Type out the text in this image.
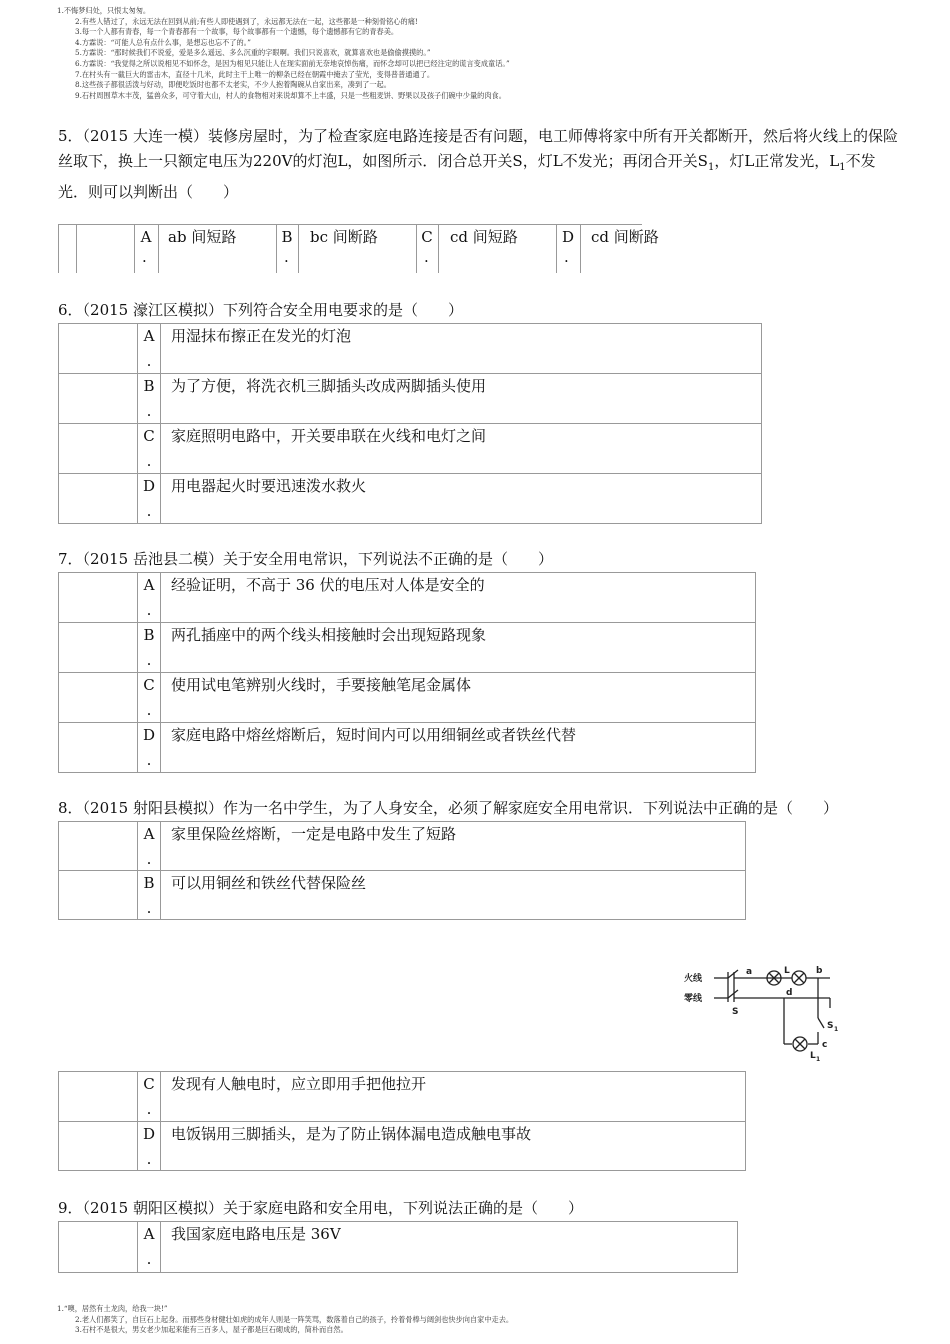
1.不悔梦归处，只恨太匆匆。
2.有些人错过了，永远无法在回到从前;有些人即使遇到了，永远都无法在一起，这些都是一种刻骨铭心的痛!
3.每一个人都有青春，每一个青春都有一个故事，每个故事都有一个遗憾，每个遗憾都有它的青春美。
4.方霖说：“可能人总有点什么事，是想忘也忘不了的。”
5.方霖说：“那时候我们不说爱，爱是多么遥远、多么沉重的字眼啊。我们只说喜欢，就算喜欢也是偷偷摸摸的。”
6.方霖说：“我觉得之所以说相见不如怀念，是因为相见只能让人在现实面前无奈地哀悼伤痛，而怀念却可以把已经注定的谎言变成童话。”
7.在村头有一截巨大的雷击木，直径十几米，此时主干上唯一的柳条已经在朝霞中掩去了莹光，变得普普通通了。
8.这些孩子都很活泼与好动，即便吃饭时也都不太老实，不少人抱着陶碗从自家出来，凑到了一起。
9.石村周围草木丰茂，猛兽众多，可守着大山，村人的食物相对来说却算不上丰盛，只是一些粗麦饼、野果以及孩子们碗中少量的肉食。
5．（2015 大连一模）装修房屋时，为了检查家庭电路连接是否有问题，电工师傅将家中所有开关都断开，然后将火线上的保险丝取下，换上一只额定电压为220V的灯泡L，如图所示．闭合总开关S，灯L不发光；再闭合开关$S_1$，灯L正常发光，$L_1$不发光．则可以判断出（　　）
A
.
ab 间短路	B
.
bc 间断路	C
.
cd 间短路	D
.
cd 间断路
6．（2015 濠江区模拟）下列符合安全用电要求的是（　　）
A
.
用湿抹布擦正在发光的灯泡
B
.
为了方便，将洗衣机三脚插头改成两脚插头使用
C
.
家庭照明电路中，开关要串联在火线和电灯之间
D
.
用电器起火时要迅速泼水救火
7．（2015 岳池县二模）关于安全用电常识，下列说法不正确的是（　　）
A
.
经验证明，不高于 36 伏的电压对人体是安全的
B
.
两孔插座中的两个线头相接触时会出现短路现象
C
.
使用试电笔辨别火线时，手要接触笔尾金属体
D
.
家庭电路中熔丝熔断后，短时间内可以用细铜丝或者铁丝代替
8．（2015 射阳县模拟）作为一名中学生，为了人身安全，必须了解家庭安全用电常识．下列说法中正确的是（　　）
A
.
家里保险丝熔断，一定是电路中发生了短路
B
.
可以用铜丝和铁丝代替保险丝
火线
零线
a	L	b
d
S
S 1
c
L 1
C
.
发现有人触电时，应立即用手把他拉开
D
.
电饭锅用三脚插头，是为了防止锅体漏电造成触电事故
9．（2015 朝阳区模拟）关于家庭电路和安全用电，下列说法正确的是（　　）
A
.
我国家庭电路电压是 36V
1.“噢，居然有土龙肉，给我一块!”
2.老人们都笑了，自巨石上起身。而那些身材健壮如虎的成年人则是一阵笑骂，数落着自己的孩子，拎着骨棒与阔剑也快步向自家中走去。
3.石村不是很大，男女老少加起来能有三百多人，屋子都是巨石砌成的，简朴而自然。
